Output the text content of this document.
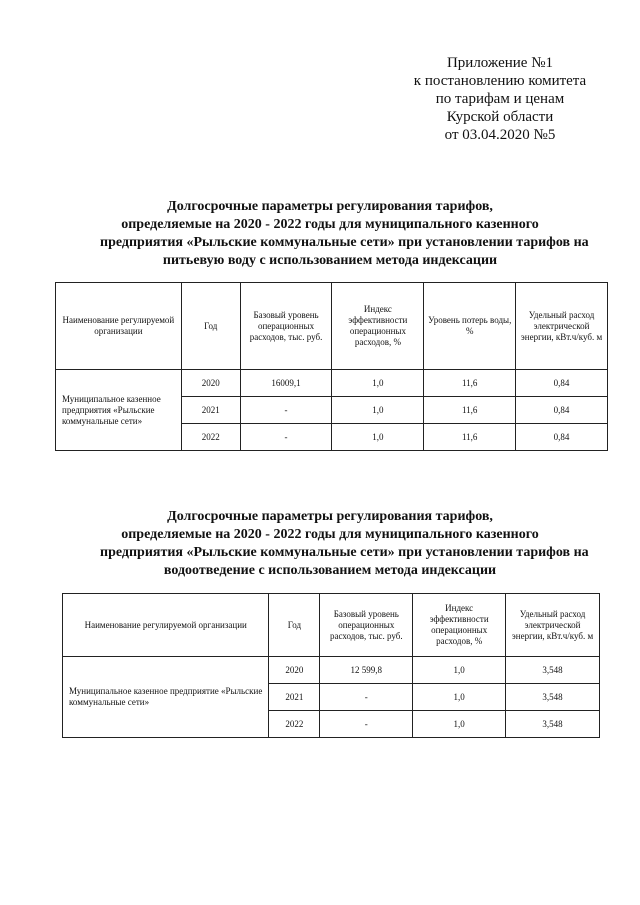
Приложение №1
к постановлению комитета
по тарифам и ценам
Курской области
от 03.04.2020 №5
Долгосрочные параметры регулирования тарифов,
определяемые на 2020 - 2022 годы для муниципального казенного
предприятия «Рыльские коммунальные сети» при установлении тарифов на
питьевую воду с использованием метода индексации
Наименование регулируемой организации	Год	Базовый уровень операционных расходов, тыс. руб.	Индекс эффективности операционных расходов, %	Уровень потерь воды, %	Удельный расход электрической энергии, кВт.ч/куб. м
Муниципальное казенное предприятия «Рыльские коммунальные сети»	2020	16009,1	1,0	11,6	0,84
	2021	-	1,0	11,6	0,84
	2022	-	1,0	11,6	0,84
Долгосрочные параметры регулирования тарифов,
определяемые на 2020 - 2022 годы для муниципального казенного
предприятия «Рыльские коммунальные сети» при установлении тарифов на
водоотведение с использованием метода индексации
Наименование регулируемой организации	Год	Базовый уровень операционных расходов, тыс. руб.	Индекс эффективности операционных расходов, %	Удельный расход электрической энергии, кВт.ч/куб. м
Муниципальное казенное предприятие «Рыльские коммунальные сети»	2020	12 599,8	1,0	3,548
	2021	-	1,0	3,548
	2022	-	1,0	3,548
